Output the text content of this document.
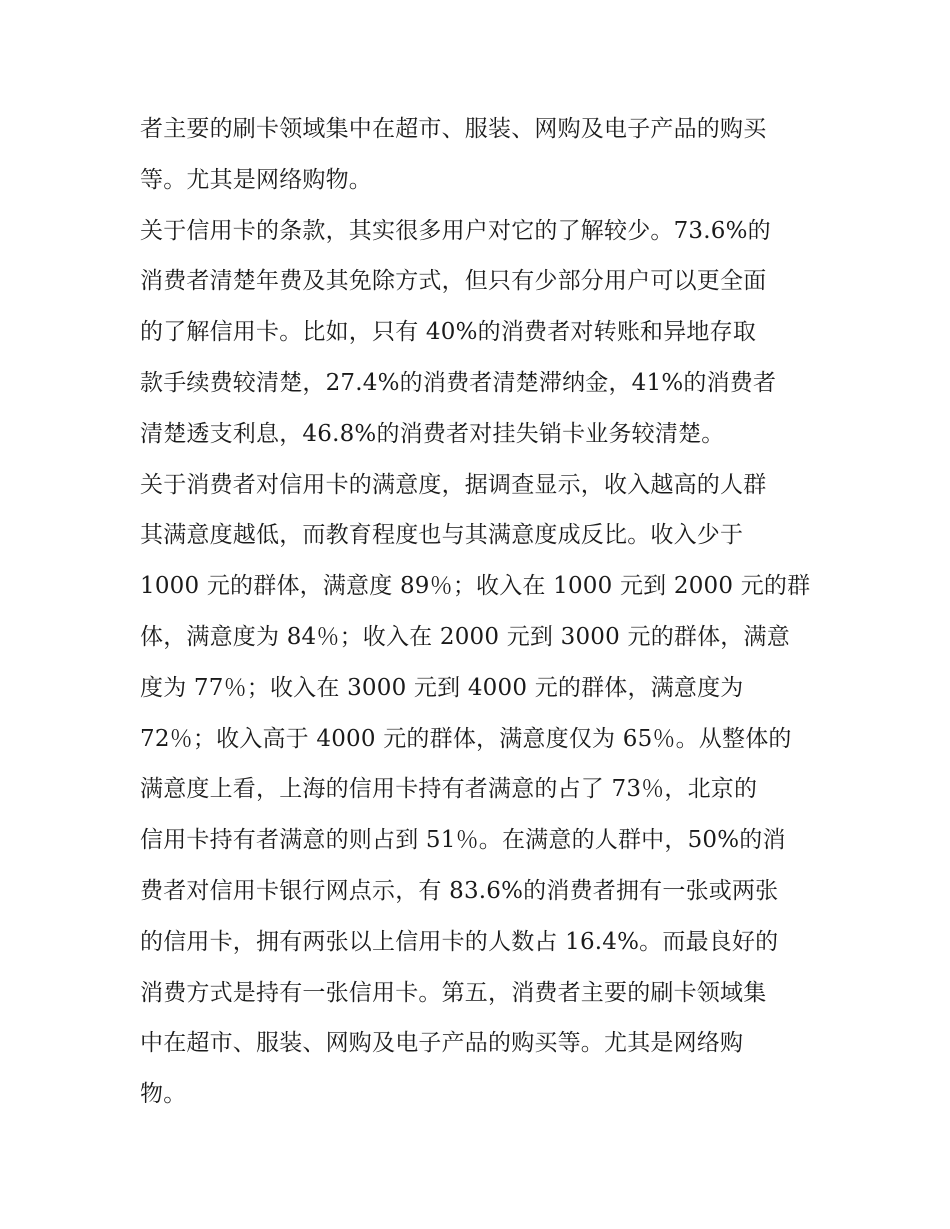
者主要的刷卡领域集中在超市、服装、网购及电子产品的购买
等。尤其是网络购物。
关于信用卡的条款，其实很多用户对它的了解较少。73.6%的
消费者清楚年费及其免除方式，但只有少部分用户可以更全面
的了解信用卡。比如，只有 40%的消费者对转账和异地存取
款手续费较清楚，27.4%的消费者清楚滞纳金，41%的消费者
清楚透支利息，46.8%的消费者对挂失销卡业务较清楚。
关于消费者对信用卡的满意度，据调查显示，收入越高的人群
其满意度越低，而教育程度也与其满意度成反比。收入少于
1000 元的群体，满意度 89％；收入在 1000 元到 2000 元的群
体，满意度为 84％；收入在 2000 元到 3000 元的群体，满意
度为 77％；收入在 3000 元到 4000 元的群体，满意度为
72％；收入高于 4000 元的群体，满意度仅为 65％。从整体的
满意度上看，上海的信用卡持有者满意的占了 73％，北京的
信用卡持有者满意的则占到 51％。在满意的人群中，50%的消
费者对信用卡银行网点示，有 83.6%的消费者拥有一张或两张
的信用卡，拥有两张以上信用卡的人数占 16.4%。而最良好的
消费方式是持有一张信用卡。第五，消费者主要的刷卡领域集
中在超市、服装、网购及电子产品的购买等。尤其是网络购
物。
